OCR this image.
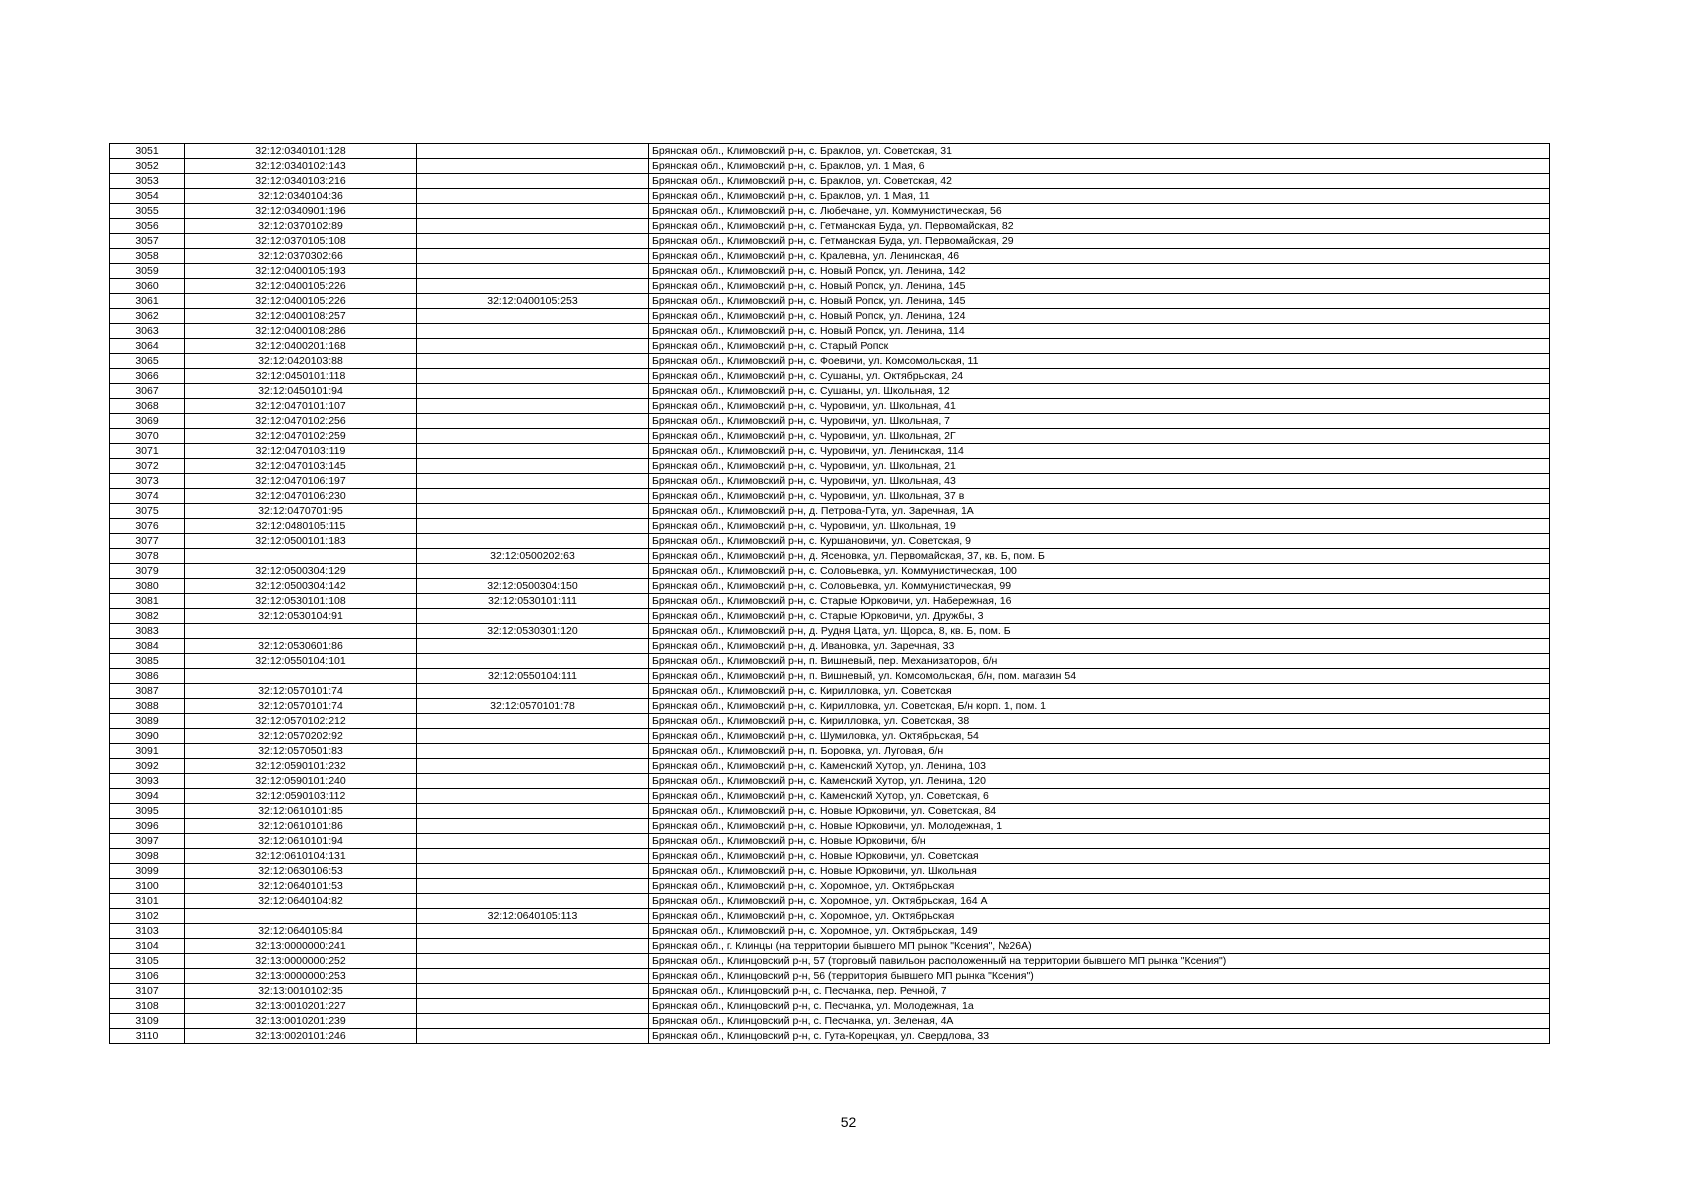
3051	32:12:0340101:128		Брянская обл., Климовский р-н, с. Браклов, ул. Советская, 31
3052	32:12:0340102:143		Брянская обл., Климовский р-н, с. Браклов, ул. 1 Мая, 6
3053	32:12:0340103:216		Брянская обл., Климовский р-н, с. Браклов, ул. Советская, 42
3054	32:12:0340104:36		Брянская обл., Климовский р-н, с. Браклов, ул. 1 Мая, 11
3055	32:12:0340901:196		Брянская обл., Климовский р-н, с. Любечане, ул. Коммунистическая, 56
3056	32:12:0370102:89		Брянская обл., Климовский р-н, с. Гетманская Буда, ул. Первомайская, 82
3057	32:12:0370105:108		Брянская обл., Климовский р-н, с. Гетманская Буда, ул. Первомайская, 29
3058	32:12:0370302:66		Брянская обл., Климовский р-н, с. Кралевна, ул. Ленинская, 46
3059	32:12:0400105:193		Брянская обл., Климовский р-н, с. Новый Ропск, ул. Ленина, 142
3060	32:12:0400105:226		Брянская обл., Климовский р-н, с. Новый Ропск, ул. Ленина, 145
3061	32:12:0400105:226	32:12:0400105:253	Брянская обл., Климовский р-н, с. Новый Ропск, ул. Ленина, 145
3062	32:12:0400108:257		Брянская обл., Климовский р-н, с. Новый Ропск, ул. Ленина, 124
3063	32:12:0400108:286		Брянская обл., Климовский р-н, с. Новый Ропск, ул. Ленина, 114
3064	32:12:0400201:168		Брянская обл., Климовский р-н, с. Старый Ропск
3065	32:12:0420103:88		Брянская обл., Климовский р-н, с. Фоевичи, ул. Комсомольская, 11
3066	32:12:0450101:118		Брянская обл., Климовский р-н, с. Сушаны, ул. Октябрьская, 24
3067	32:12:0450101:94		Брянская обл., Климовский р-н, с. Сушаны, ул. Школьная, 12
3068	32:12:0470101:107		Брянская обл., Климовский р-н, с. Чуровичи, ул. Школьная, 41
3069	32:12:0470102:256		Брянская обл., Климовский р-н, с. Чуровичи, ул. Школьная, 7
3070	32:12:0470102:259		Брянская обл., Климовский р-н, с. Чуровичи, ул. Школьная, 2Г
3071	32:12:0470103:119		Брянская обл., Климовский р-н, с. Чуровичи, ул. Ленинская, 114
3072	32:12:0470103:145		Брянская обл., Климовский р-н, с. Чуровичи, ул. Школьная, 21
3073	32:12:0470106:197		Брянская обл., Климовский р-н, с. Чуровичи, ул. Школьная, 43
3074	32:12:0470106:230		Брянская обл., Климовский р-н, с. Чуровичи, ул. Школьная, 37 в
3075	32:12:0470701:95		Брянская обл., Климовский р-н, д. Петрова-Гута, ул. Заречная, 1А
3076	32:12:0480105:115		Брянская обл., Климовский р-н, с. Чуровичи, ул. Школьная, 19
3077	32:12:0500101:183		Брянская обл., Климовский р-н, с. Куршановичи, ул. Советская, 9
3078		32:12:0500202:63	Брянская обл., Климовский р-н, д. Ясеновка, ул. Первомайская, 37, кв. Б, пом. Б
3079	32:12:0500304:129		Брянская обл., Климовский р-н, с. Соловьевка, ул. Коммунистическая, 100
3080	32:12:0500304:142	32:12:0500304:150	Брянская обл., Климовский р-н, с. Соловьевка, ул. Коммунистическая, 99
3081	32:12:0530101:108	32:12:0530101:111	Брянская обл., Климовский р-н, с. Старые Юрковичи, ул. Набережная, 16
3082	32:12:0530104:91		Брянская обл., Климовский р-н, с. Старые Юрковичи, ул. Дружбы, 3
3083		32:12:0530301:120	Брянская обл., Климовский р-н, д. Рудня Цата, ул. Щорса, 8, кв. Б, пом. Б
3084	32:12:0530601:86		Брянская обл., Климовский р-н, д. Ивановка, ул. Заречная, 33
3085	32:12:0550104:101		Брянская обл., Климовский р-н, п. Вишневый, пер. Механизаторов, б/н
3086		32:12:0550104:111	Брянская обл., Климовский р-н, п. Вишневый, ул. Комсомольская, б/н, пом. магазин 54
3087	32:12:0570101:74		Брянская обл., Климовский р-н, с. Кирилловка, ул. Советская
3088	32:12:0570101:74	32:12:0570101:78	Брянская обл., Климовский р-н, с. Кирилловка, ул. Советская, Б/н корп. 1, пом. 1
3089	32:12:0570102:212		Брянская обл., Климовский р-н, с. Кирилловка, ул. Советская, 38
3090	32:12:0570202:92		Брянская обл., Климовский р-н, с. Шумиловка, ул. Октябрьская, 54
3091	32:12:0570501:83		Брянская обл., Климовский р-н, п. Боровка, ул. Луговая, б/н
3092	32:12:0590101:232		Брянская обл., Климовский р-н, с. Каменский Хутор, ул. Ленина, 103
3093	32:12:0590101:240		Брянская обл., Климовский р-н, с. Каменский Хутор, ул. Ленина, 120
3094	32:12:0590103:112		Брянская обл., Климовский р-н, с. Каменский Хутор, ул. Советская, 6
3095	32:12:0610101:85		Брянская обл., Климовский р-н, с. Новые Юрковичи, ул. Советская, 84
3096	32:12:0610101:86		Брянская обл., Климовский р-н, с. Новые Юрковичи, ул. Молодежная, 1
3097	32:12:0610101:94		Брянская обл., Климовский р-н, с. Новые Юрковичи, б/н
3098	32:12:0610104:131		Брянская обл., Климовский р-н, с. Новые Юрковичи, ул. Советская
3099	32:12:0630106:53		Брянская обл., Климовский р-н, с. Новые Юрковичи, ул. Школьная
3100	32:12:0640101:53		Брянская обл., Климовский р-н, с. Хоромное, ул. Октябрьская
3101	32:12:0640104:82		Брянская обл., Климовский р-н, с. Хоромное, ул. Октябрьская, 164 А
3102		32:12:0640105:113	Брянская обл., Климовский р-н, с. Хоромное, ул. Октябрьская
3103	32:12:0640105:84		Брянская обл., Климовский р-н, с. Хоромное, ул. Октябрьская, 149
3104	32:13:0000000:241		Брянская обл., г. Клинцы (на территории бывшего МП рынок "Ксения", №26А)
3105	32:13:0000000:252		Брянская обл., Клинцовский р-н, 57 (торговый павильон расположенный на территории бывшего МП рынка "Ксения")
3106	32:13:0000000:253		Брянская обл., Клинцовский р-н, 56 (территория бывшего МП рынка "Ксения")
3107	32:13:0010102:35		Брянская обл., Клинцовский р-н, с. Песчанка, пер. Речной, 7
3108	32:13:0010201:227		Брянская обл., Клинцовский р-н, с. Песчанка, ул. Молодежная, 1а
3109	32:13:0010201:239		Брянская обл., Клинцовский р-н, с. Песчанка, ул. Зеленая, 4А
3110	32:13:0020101:246		Брянская обл., Клинцовский р-н, с. Гута-Корецкая, ул. Свердлова, 33
52
